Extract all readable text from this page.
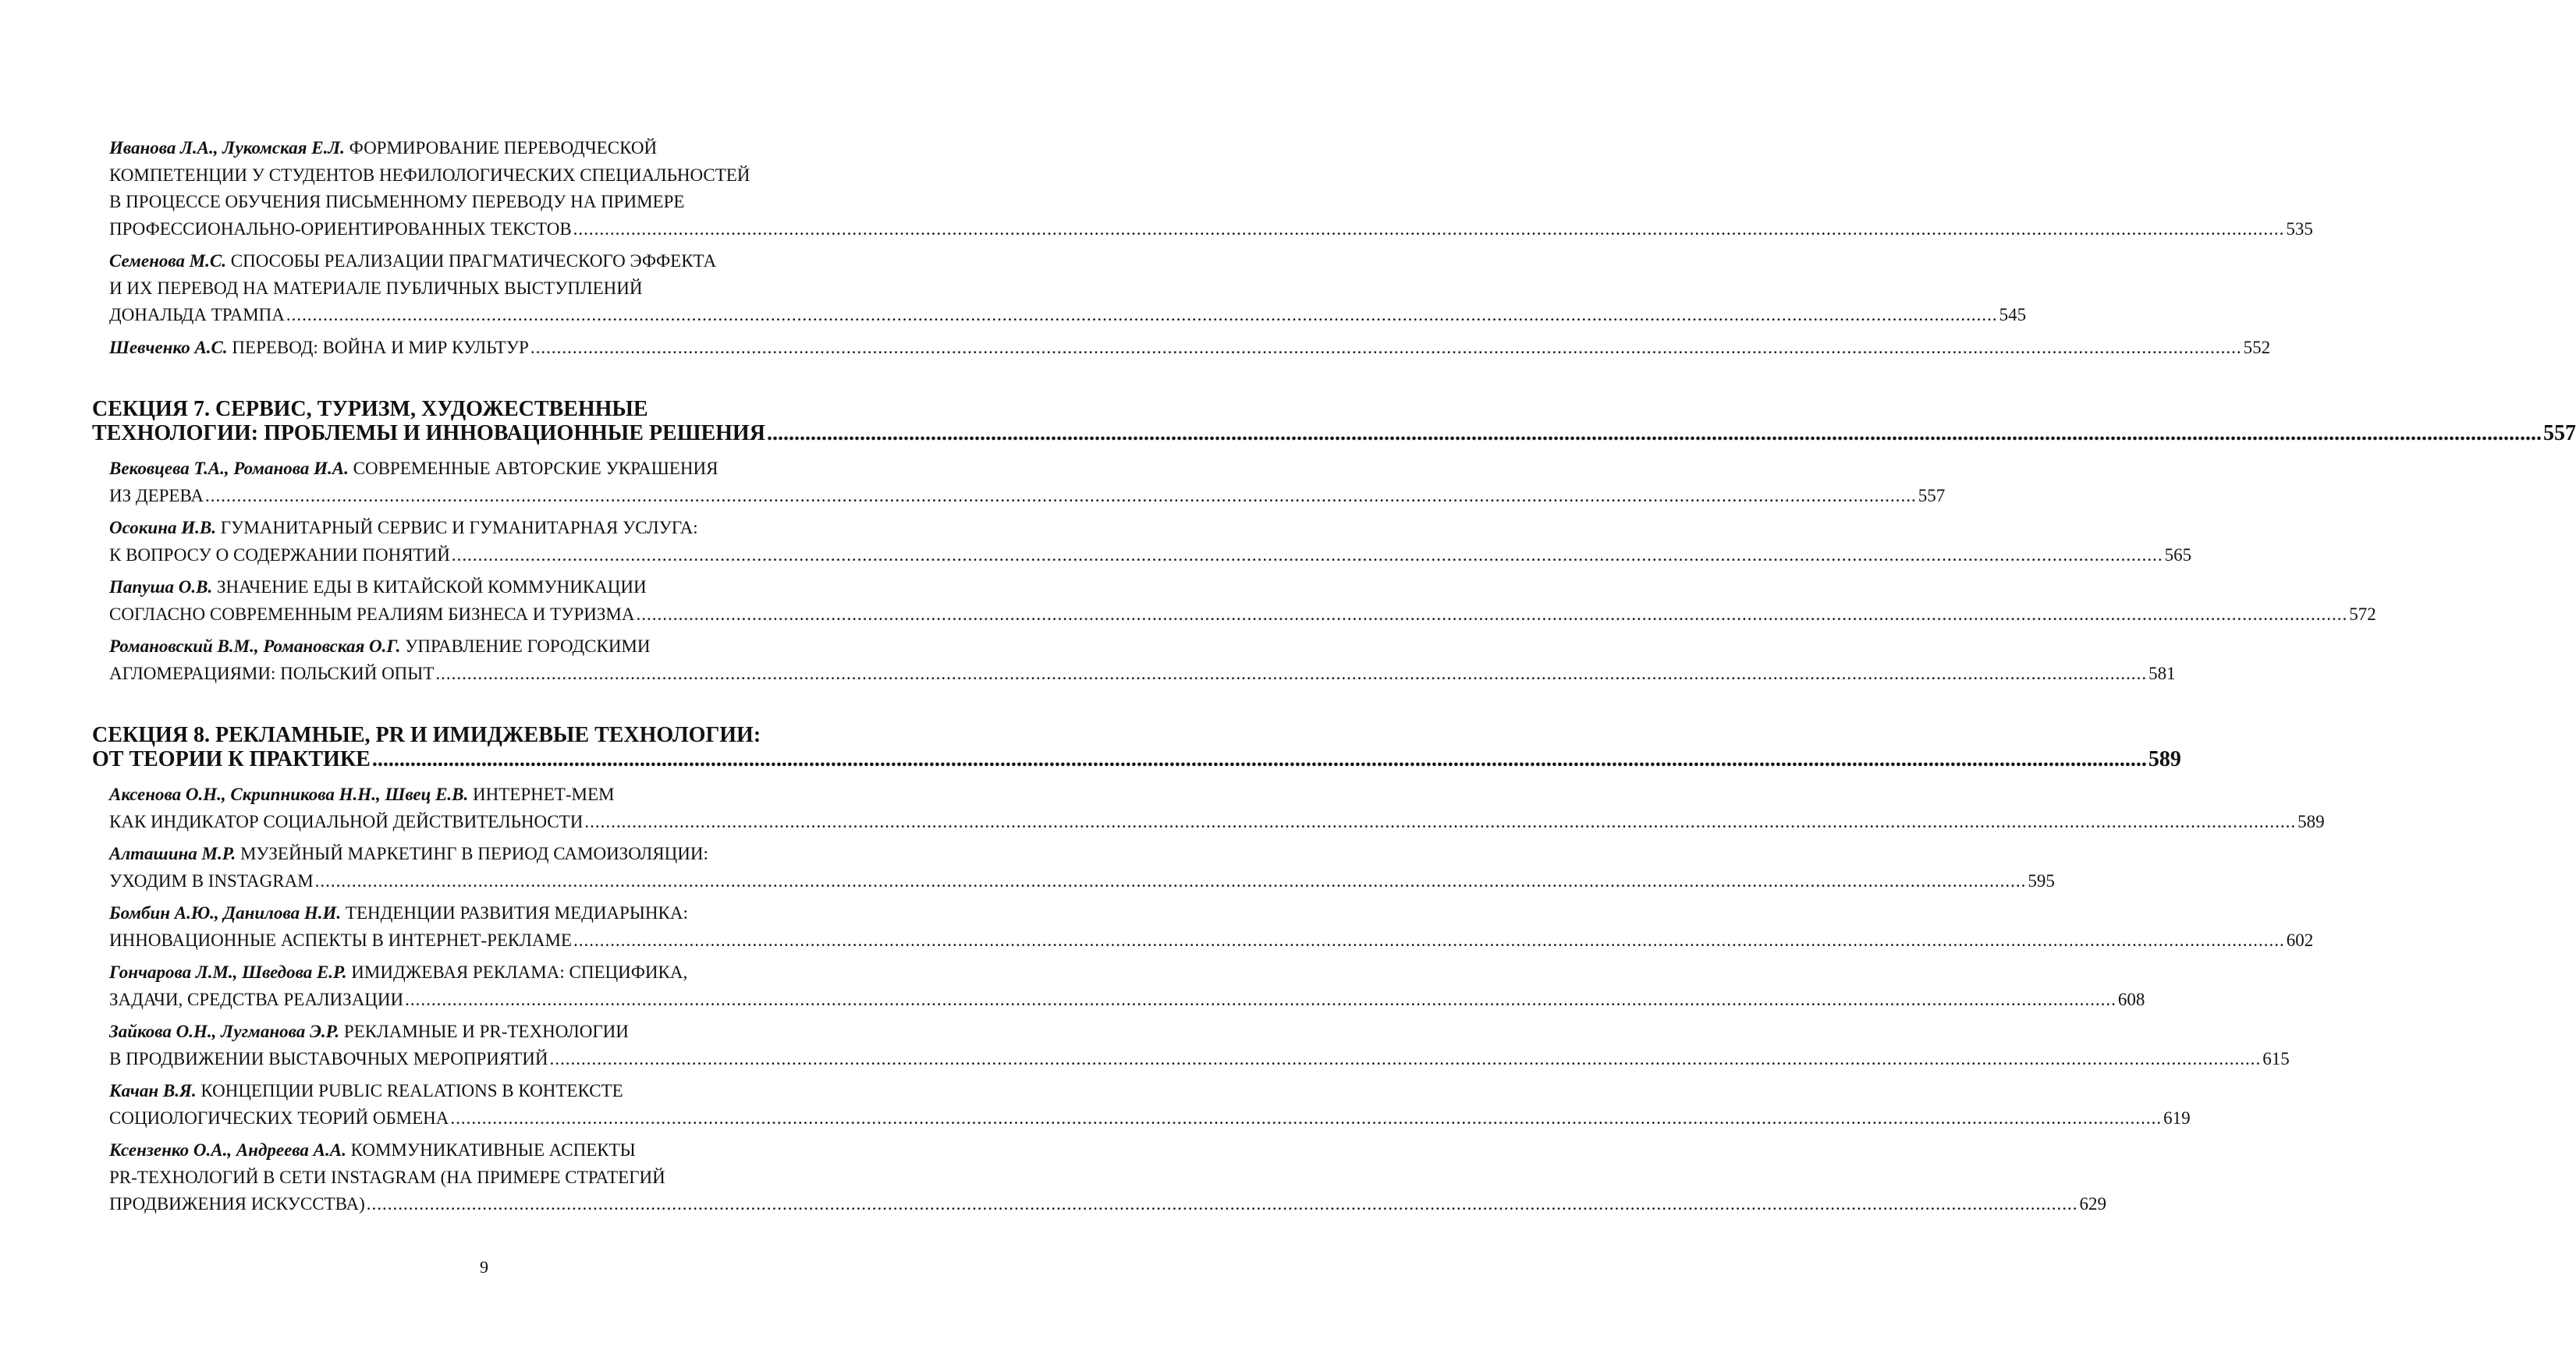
Иванова Л.А., Лукомская Е.Л. ФОРМИРОВАНИЕ ПЕРЕВОДЧЕСКОЙ
КОМПЕТЕНЦИИ У СТУДЕНТОВ НЕФИЛОЛОГИЧЕСКИХ СПЕЦИАЛЬНОСТЕЙ
В ПРОЦЕССЕ ОБУЧЕНИЯ ПИСЬМЕННОМУ ПЕРЕВОДУ НА ПРИМЕРЕ
ПРОФЕССИОНАЛЬНО-ОРИЕНТИРОВАННЫХ ТЕКСТОВ .....	535
Семенова М.С. СПОСОБЫ РЕАЛИЗАЦИИ ПРАГМАТИЧЕСКОГО ЭФФЕКТА
И ИХ ПЕРЕВОД НА МАТЕРИАЛЕ ПУБЛИЧНЫХ ВЫСТУПЛЕНИЙ
ДОНАЛЬДА ТРАМПА .....	545
Шевченко А.С. ПЕРЕВОД: ВОЙНА И МИР КУЛЬТУР .....	552
СЕКЦИЯ 7. СЕРВИС, ТУРИЗМ, ХУДОЖЕСТВЕННЫЕ
ТЕХНОЛОГИИ: ПРОБЛЕМЫ И ИННОВАЦИОННЫЕ РЕШЕНИЯ .....	557
Вековцева Т.А., Романова И.А. СОВРЕМЕННЫЕ АВТОРСКИЕ УКРАШЕНИЯ
ИЗ ДЕРЕВА .....	557
Осокина И.В. ГУМАНИТАРНЫЙ СЕРВИС И ГУМАНИТАРНАЯ УСЛУГА:
К ВОПРОСУ О СОДЕРЖАНИИ ПОНЯТИЙ .....	565
Папуша О.В. ЗНАЧЕНИЕ ЕДЫ В КИТАЙСКОЙ КОММУНИКАЦИИ
СОГЛАСНО СОВРЕМЕННЫМ РЕАЛИЯМ БИЗНЕСА И ТУРИЗМА .....	572
Романовский В.М., Романовская О.Г. УПРАВЛЕНИЕ ГОРОДСКИМИ
АГЛОМЕРАЦИЯМИ: ПОЛЬСКИЙ ОПЫТ .....	581
СЕКЦИЯ 8. РЕКЛАМНЫЕ, PR И ИМИДЖЕВЫЕ ТЕХНОЛОГИИ:
ОТ ТЕОРИИ К ПРАКТИКЕ .....	589
Аксенова О.Н., Скрипникова Н.Н., Швец Е.В. ИНТЕРНЕТ-МЕМ
КАК ИНДИКАТОР СОЦИАЛЬНОЙ ДЕЙСТВИТЕЛЬНОСТИ .....	589
Алташина М.Р. МУЗЕЙНЫЙ МАРКЕТИНГ В ПЕРИОД САМОИЗОЛЯЦИИ:
УХОДИМ В INSTAGRAM .....	595
Бомбин А.Ю., Данилова Н.И. ТЕНДЕНЦИИ РАЗВИТИЯ МЕДИАРЫНКА:
ИННОВАЦИОННЫЕ АСПЕКТЫ В ИНТЕРНЕТ-РЕКЛАМЕ .....	602
Гончарова Л.М., Шведова Е.Р. ИМИДЖЕВАЯ РЕКЛАМА: СПЕЦИФИКА,
ЗАДАЧИ, СРЕДСТВА РЕАЛИЗАЦИИ .....	608
Зайкова О.Н., Лугманова Э.Р. РЕКЛАМНЫЕ И PR-ТЕХНОЛОГИИ
В ПРОДВИЖЕНИИ ВЫСТАВОЧНЫХ МЕРОПРИЯТИЙ .....	615
Качан В.Я. КОНЦЕПЦИИ PUBLIC REALATIONS В КОНТЕКСТЕ
СОЦИОЛОГИЧЕСКИХ ТЕОРИЙ ОБМЕНА .....	619
Ксензенко О.А., Андреева А.А. КОММУНИКАТИВНЫЕ АСПЕКТЫ
PR-ТЕХНОЛОГИЙ В СЕТИ INSTAGRAM (НА ПРИМЕРЕ СТРАТЕГИЙ
ПРОДВИЖЕНИЯ ИСКУССТВА) .....	629
9
